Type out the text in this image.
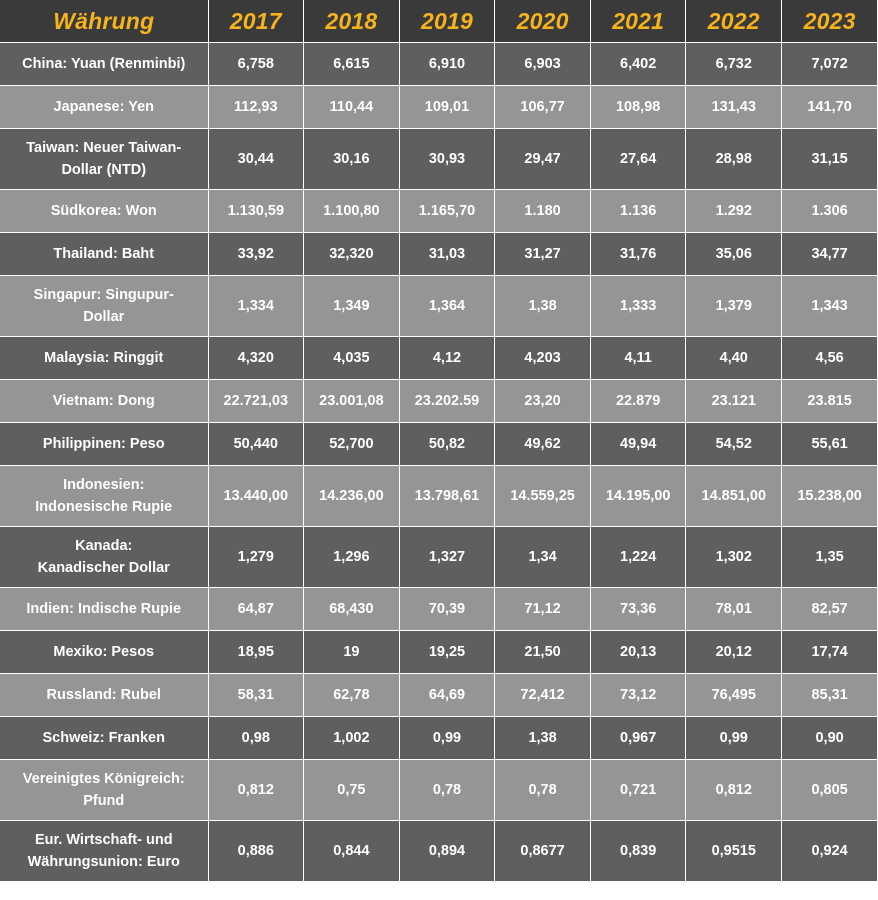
Währung	2017	2018	2019	2020	2021	2022	2023
China: Yuan (Renminbi)	6,758	6,615	6,910	6,903	6,402	6,732	7,072
Japanese: Yen	112,93	110,44	109,01	106,77	108,98	131,43	141,70
Taiwan: Neuer Taiwan-
Dollar (NTD)	30,44	30,16	30,93	29,47	27,64	28,98	31,15
Südkorea: Won	1.130,59	1.100,80	1.165,70	1.180	1.136	1.292	1.306
Thailand: Baht	33,92	32,320	31,03	31,27	31,76	35,06	34,77
Singapur: Singupur-
Dollar	1,334	1,349	1,364	1,38	1,333	1,379	1,343
Malaysia: Ringgit	4,320	4,035	4,12	4,203	4,11	4,40	4,56
Vietnam: Dong	22.721,03	23.001,08	23.202.59	23,20	22.879	23.121	23.815
Philippinen: Peso	50,440	52,700	50,82	49,62	49,94	54,52	55,61
Indonesien:
Indonesische Rupie	13.440,00	14.236,00	13.798,61	14.559,25	14.195,00	14.851,00	15.238,00
Kanada:
Kanadischer Dollar	1,279	1,296	1,327	1,34	1,224	1,302	1,35
Indien: Indische Rupie	64,87	68,430	70,39	71,12	73,36	78,01	82,57
Mexiko: Pesos	18,95	19	19,25	21,50	20,13	20,12	17,74
Russland: Rubel	58,31	62,78	64,69	72,412	73,12	76,495	85,31
Schweiz: Franken	0,98	1,002	0,99	1,38	0,967	0,99	0,90
Vereinigtes Königreich:
Pfund	0,812	0,75	0,78	0,78	0,721	0,812	0,805
Eur. Wirtschaft- und
Währungsunion: Euro	0,886	0,844	0,894	0,8677	0,839	0,9515	0,924
